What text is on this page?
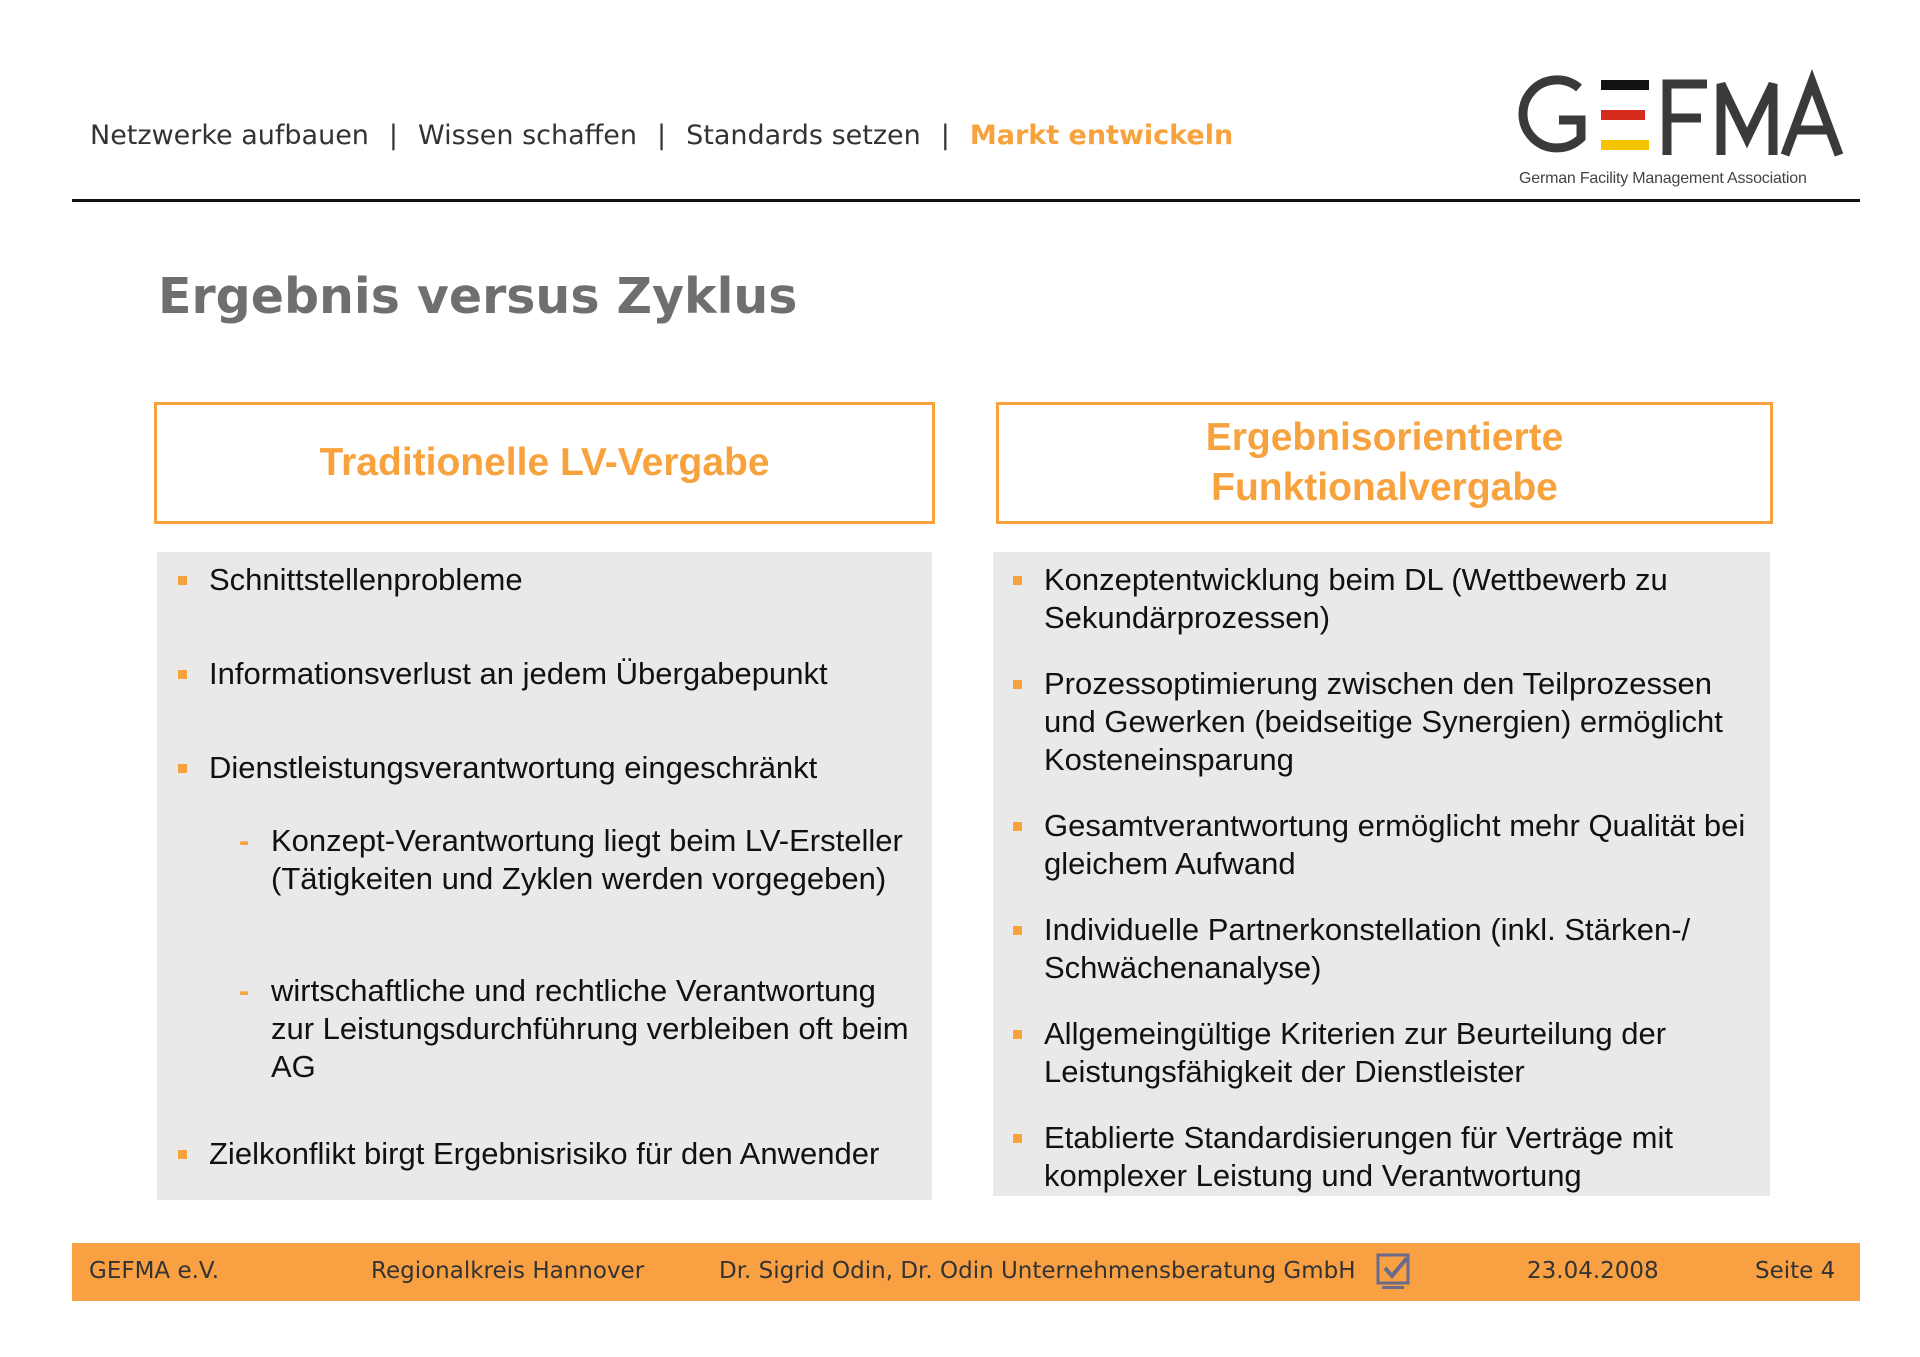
Netzwerke aufbauen | Wissen schaffen | Standards setzen | Markt entwickeln
German Facility Management Association
Ergebnis versus Zyklus
Traditionelle LV-Vergabe
Ergebnisorientierte
Funktionalvergabe
Schnittstellenprobleme
Informationsverlust an jedem Übergabepunkt
Dienstleistungsverantwortung eingeschränkt
- Konzept-Verantwortung liegt beim LV-Ersteller (Tätigkeiten und Zyklen werden vorgegeben)
- wirtschaftliche und rechtliche Verantwortung zur Leistungsdurchführung verbleiben oft beim AG
Zielkonflikt birgt Ergebnisrisiko für den Anwender
Konzeptentwicklung beim DL (Wettbewerb zu Sekundärprozessen)
Prozessoptimierung zwischen den Teilprozessen und Gewerken (beidseitige Synergien) ermöglicht Kosteneinsparung
Gesamtverantwortung ermöglicht mehr Qualität bei gleichem Aufwand
Individuelle Partnerkonstellation (inkl. Stärken-/ Schwächenanalyse)
Allgemeingültige Kriterien zur Beurteilung der Leistungsfähigkeit der Dienstleister
Etablierte Standardisierungen für Verträge mit komplexer Leistung und Verantwortung
GEFMA e.V.	Regionalkreis Hannover	Dr. Sigrid Odin, Dr. Odin Unternehmensberatung GmbH	23.04.2008	Seite 4
